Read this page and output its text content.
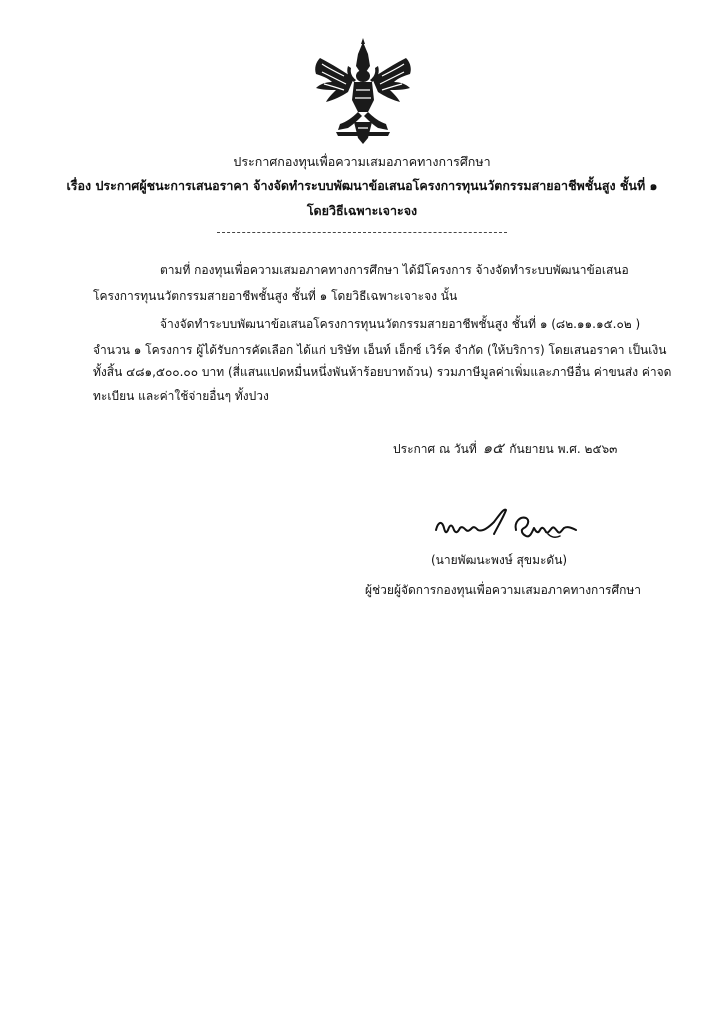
ประกาศกองทุนเพื่อความเสมอภาคทางการศึกษา
เรื่อง ประกาศผู้ชนะการเสนอราคา จ้างจัดทำระบบพัฒนาข้อเสนอโครงการทุนนวัตกรรมสายอาชีพชั้นสูง ชั้นที่ ๑
โดยวิธีเฉพาะเจาะจง
ตามที่ กองทุนเพื่อความเสมอภาคทางการศึกษา ได้มีโครงการ จ้างจัดทำระบบพัฒนาข้อเสนอ
โครงการทุนนวัตกรรมสายอาชีพชั้นสูง ชั้นที่ ๑ โดยวิธีเฉพาะเจาะจง นั้น
จ้างจัดทำระบบพัฒนาข้อเสนอโครงการทุนนวัตกรรมสายอาชีพชั้นสูง ชั้นที่ ๑ (๘๒.๑๑.๑๕.๐๒ )
จำนวน ๑ โครงการ ผู้ได้รับการคัดเลือก ได้แก่ บริษัท เอ็นท์ เอ็กซ์ เวิร์ค จำกัด (ให้บริการ) โดยเสนอราคา เป็นเงิน
ทั้งสิ้น ๔๘๑,๕๐๐.๐๐ บาท (สี่แสนแปดหมื่นหนึ่งพันห้าร้อยบาทถ้วน) รวมภาษีมูลค่าเพิ่มและภาษีอื่น ค่าขนส่ง ค่าจด
ทะเบียน และค่าใช้จ่ายอื่นๆ ทั้งปวง
ประกาศ ณ วันที่ ๑๕ กันยายน พ.ศ. ๒๕๖๓
(นายพัฒนะพงษ์ สุขมะดัน)
ผู้ช่วยผู้จัดการกองทุนเพื่อความเสมอภาคทางการศึกษา
